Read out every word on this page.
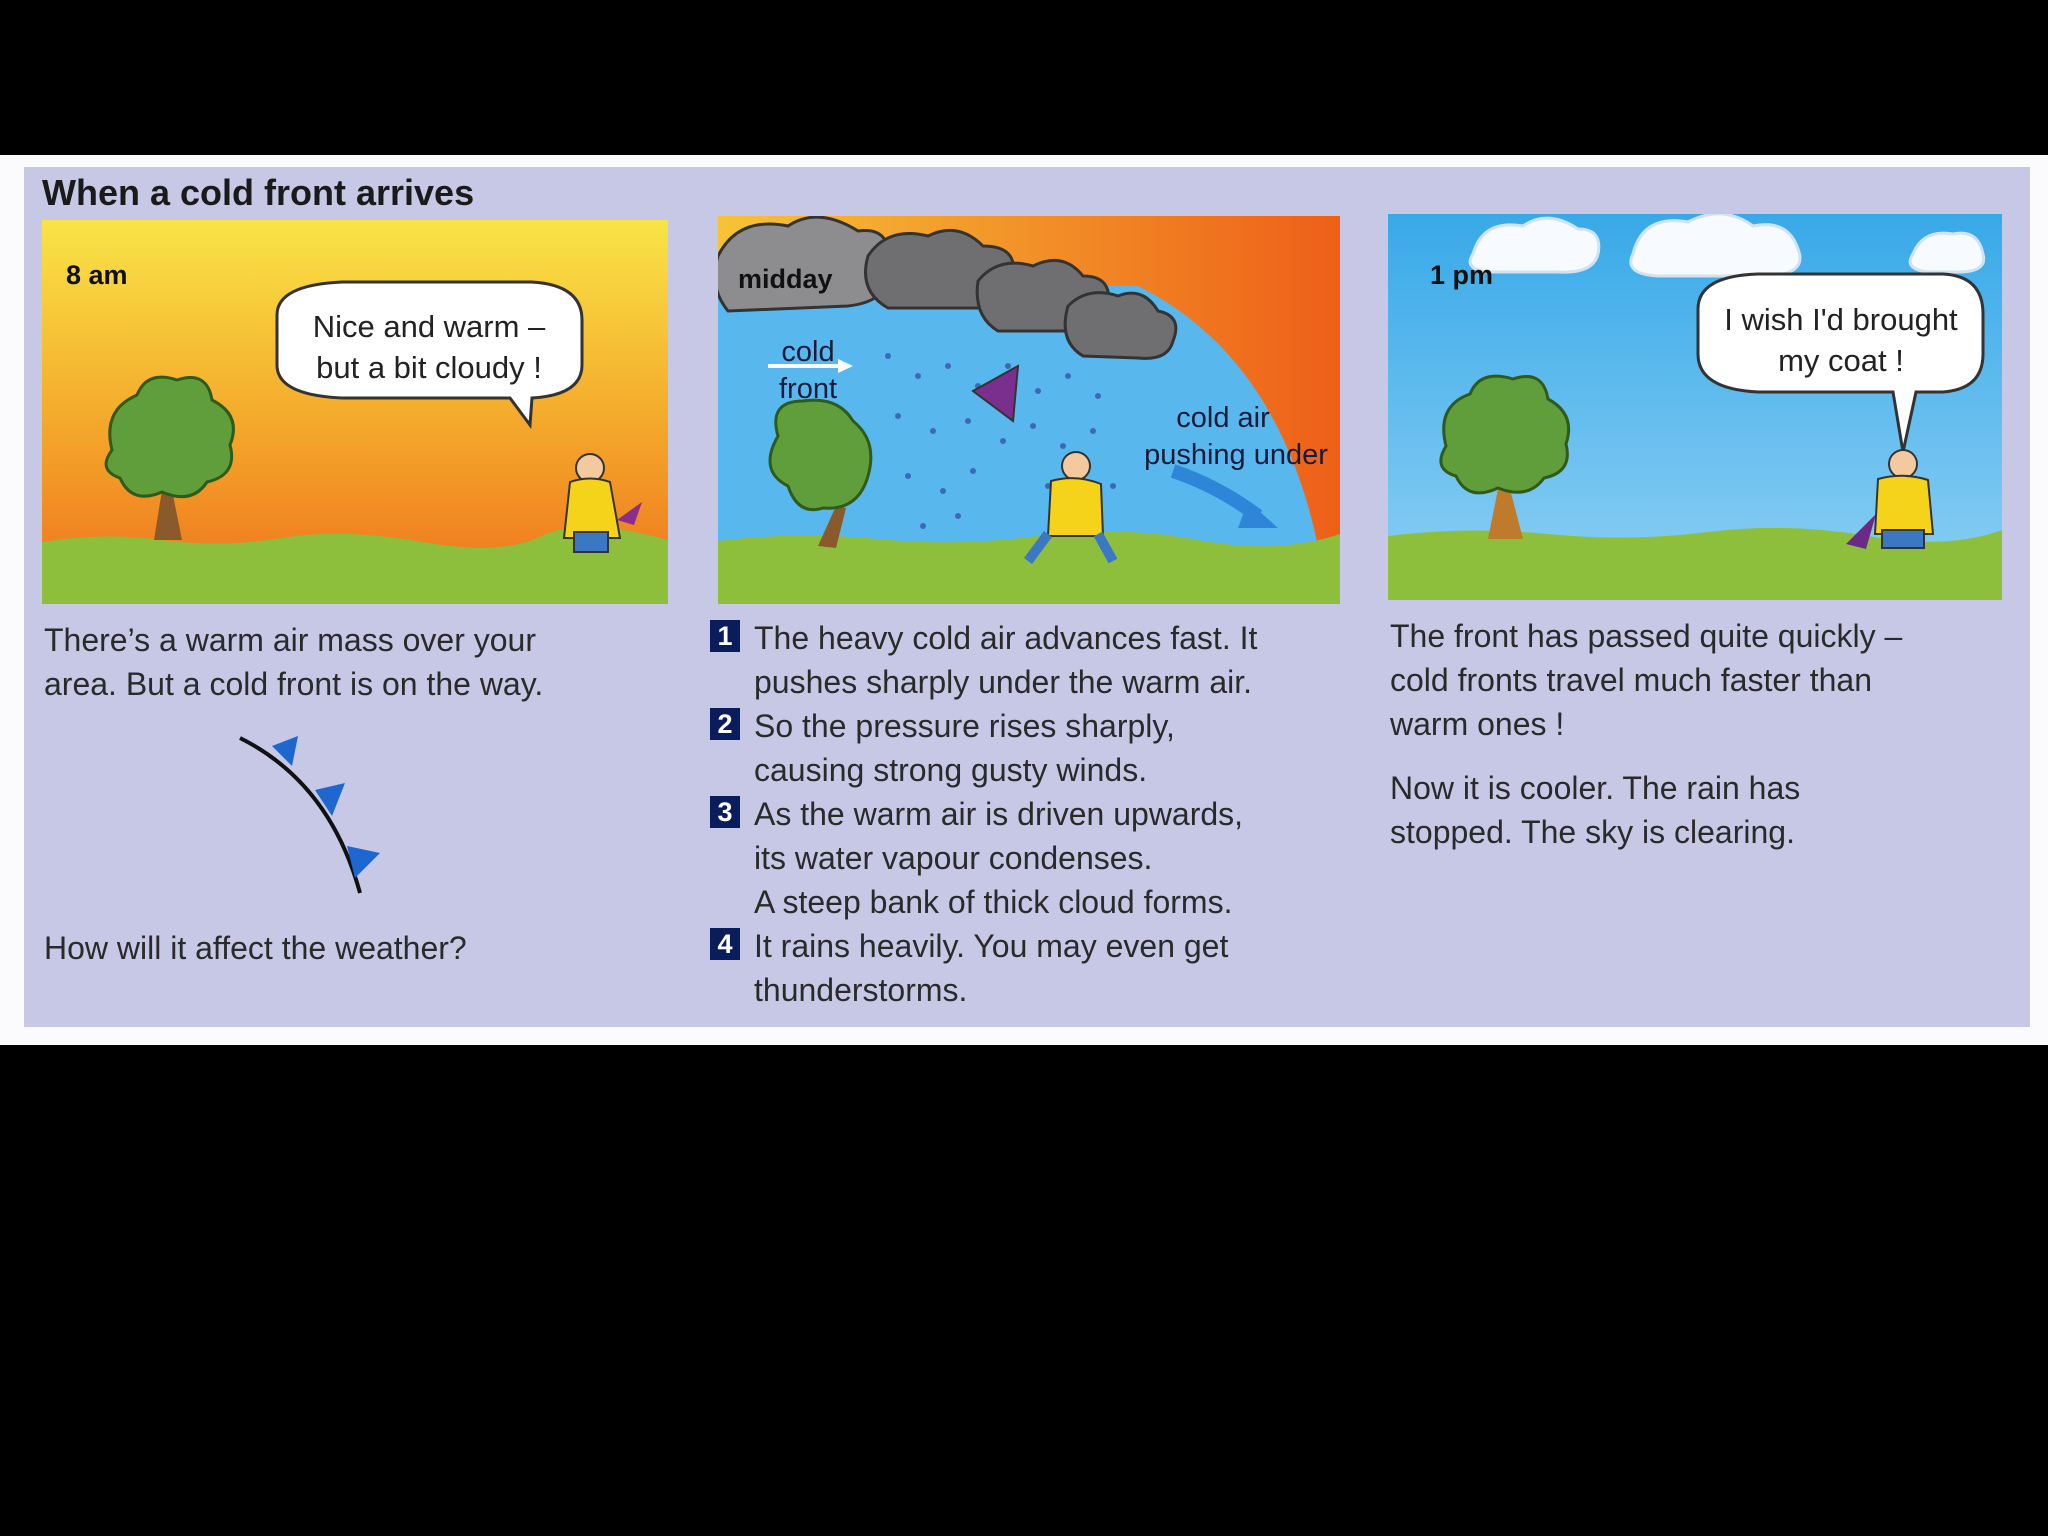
When a cold front arrives
Nice and warm –
but a bit cloudy !
8 am	midday
cold
front
cold air
pushing under
I wish I'd brought
my coat !
1 pm
There’s a warm air mass over your
area. But a cold front is on the way.
How will it affect the weather?
1 The heavy cold air advances fast. It
pushes sharply under the warm air.
2 So the pressure rises sharply,
causing strong gusty winds.
3 As the warm air is driven upwards,
its water vapour condenses.
A steep bank of thick cloud forms.
4 It rains heavily. You may even get
thunderstorms.
The front has passed quite quickly –
cold fronts travel much faster than
warm ones !
Now it is cooler. The rain has
stopped. The sky is clearing.
